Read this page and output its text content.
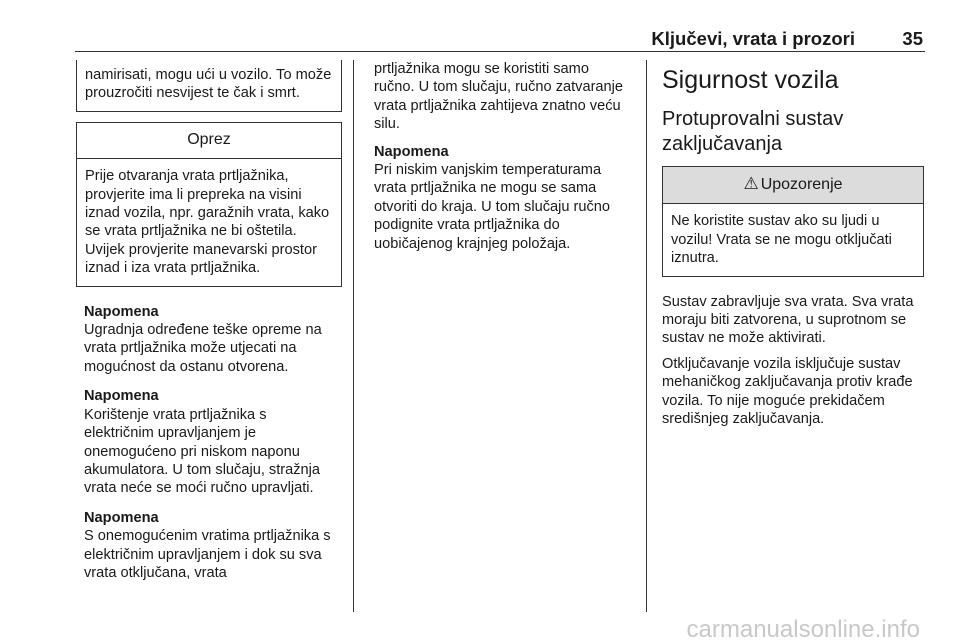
Ključevi, vrata i prozori	35

namirisati, mogu ući u vozilo. To može prouzročiti nesvijest te čak i smrt.

Oprez

Prije otvaranja vrata prtljažnika, provjerite ima li prepreka na visini iznad vozila, npr. garažnih vrata, kako se vrata prtljažnika ne bi oštetila. Uvijek provjerite manevarski prostor iznad i iza vrata prtljažnika.

Napomena

Ugradnja određene teške opreme na vrata prtljažnika može utjecati na mogućnost da ostanu otvorena.

Napomena

Korištenje vrata prtljažnika s električnim upravljanjem je onemogućeno pri niskom naponu akumulatora. U tom slučaju, stražnja vrata neće se moći ručno upravljati.

Napomena

S onemogućenim vratima prtljažnika s električnim upravljanjem i dok su sva vrata otključana, vrata

prtljažnika mogu se koristiti samo ručno. U tom slučaju, ručno zatvaranje vrata prtljažnika zahtijeva znatno veću silu.

Napomena

Pri niskim vanjskim temperaturama vrata prtljažnika ne mogu se sama otvoriti do kraja. U tom slučaju ručno podignite vrata prtljažnika do uobičajenog krajnjeg položaja.

Sigurnost vozila
Protuprovalni sustav zaključavanja
⚠ Upozorenje

Ne koristite sustav ako su ljudi u vozilu! Vrata se ne mogu otključati iznutra.

Sustav zabravljuje sva vrata. Sva vrata moraju biti zatvorena, u suprotnom se sustav ne može aktivirati.

Otključavanje vozila isključuje sustav mehaničkog zaključavanja protiv krađe vozila. To nije moguće prekidačem središnjeg zaključavanja.

carmanualsonline.info
